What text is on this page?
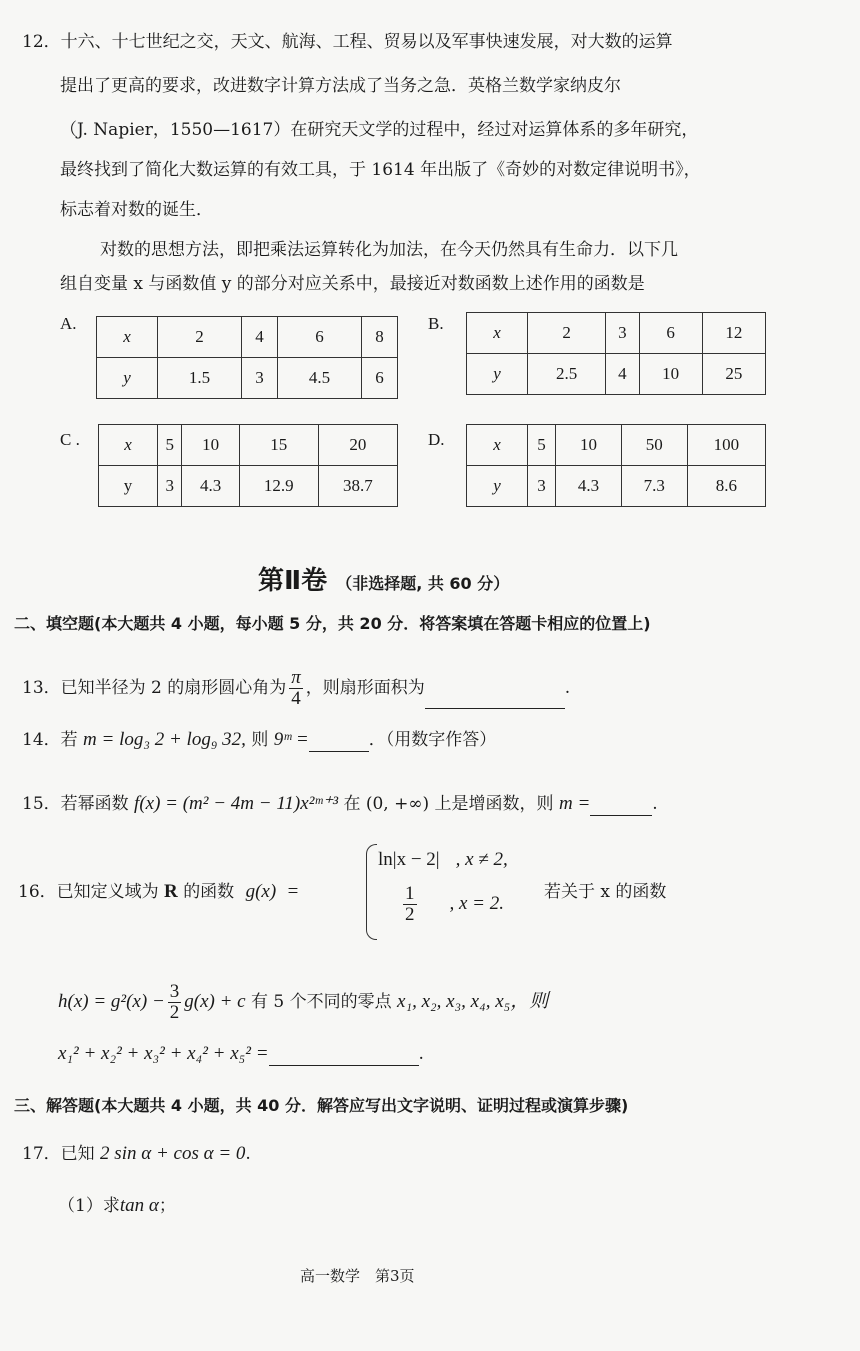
12．十六、十七世纪之交，天文、航海、工程、贸易以及军事快速发展，对大数的运算
提出了更高的要求，改进数字计算方法成了当务之急．英格兰数学家纳皮尔
（J. Napier，1550—1617）在研究天文学的过程中，经过对运算体系的多年研究，
最终找到了简化大数运算的有效工具，于 1614 年出版了《奇妙的对数定律说明书》，
标志着对数的诞生．
对数的思想方法，即把乘法运算转化为加法，在今天仍然具有生命力．以下几
组自变量 x 与函数值 y 的部分对应关系中，最接近对数函数上述作用的函数是
A.
x	2	4	6	8
y	1.5	3	4.5	6
B.	x	2	3	6	12
y	2.5	4	10	25
C .	x	5	10	15	20
y	3	4.3	12.9	38.7
D.	x	5	10	50	100
y	3	4.3	7.3	8.6
第Ⅱ卷 （非选择题, 共 60 分）
二、填空题(本大题共 4 小题，每小题 5 分，共 20 分．将答案填在答题卡相应的位置上)
13．已知半径为 2 的扇形圆心角为 $\frac{\pi}{4}$ ，则扇形面积为	.
14．若 m = log₃ 2 + log₉ 32, 则 9ᵐ =	．（用数字作答）
15．若幂函数 f(x) = (m² − 4m − 11)x²ᵐ⁺³ 在 (0, +∞) 上是增函数，则 m =	.
16．已知定义域为 R 的函数 g(x) =
ln|x − 2| , x ≠ 2,
$\frac{1}{2}$ , x = 2.
若关于 x 的函数
$h(x) = g^2(x) - \frac{3}{2} g(x) + c$ 有 5 个不同的零点 x₁, x₂, x₃, x₄, x₅，则
x₁² + x₂² + x₃² + x₄² + x₅² =	.
三、解答题(本大题共 4 小题，共 40 分．解答应写出文字说明、证明过程或演算步骤)
17．已知 2 sin α + cos α = 0.
（1）求tan α；
高一数学　第3页
